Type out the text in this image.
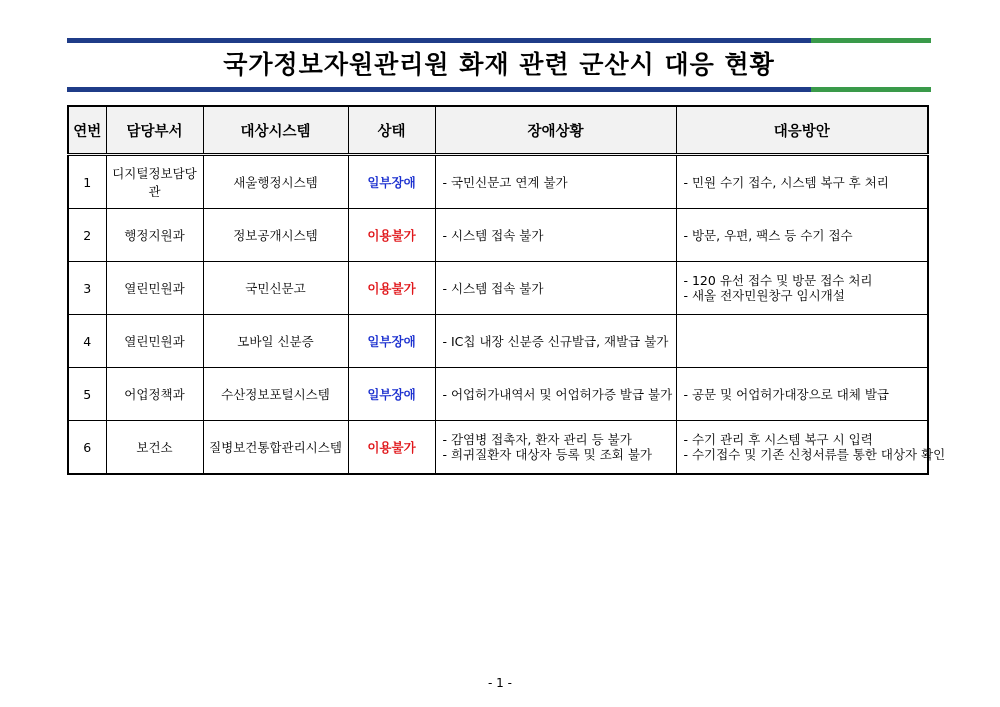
국가정보자원관리원 화재 관련 군산시 대응 현황
연번	담당부서	대상시스템	상태	장애상황	대응방안
1	디지털정보담당관	새울행정시스템	일부장애	- 국민신문고 연계 불가	- 민원 수기 접수, 시스템 복구 후 처리

2	행정지원과	정보공개시스템	이용불가	- 시스템 접속 불가	- 방문, 우편, 팩스 등 수기 접수

3	열린민원과	국민신문고	이용불가	- 시스템 접속 불가	- 120 유선 접수 및 방문 접수 처리
- 새올 전자민원창구 임시개설

4	열린민원과	모바일 신분증	일부장애	- IC칩 내장 신분증 신규발급, 재발급 불가	

5	어업정책과	수산정보포털시스템	일부장애	- 어업허가내역서 및 어업허가증 발급 불가	- 공문 및 어업허가대장으로 대체 발급

6	보건소	질병보건통합관리시스템	이용불가	- 감염병 접촉자, 환자 관리 등 불가
- 희귀질환자 대상자 등록 및 조회 불가	- 수기 관리 후 시스템 복구 시 입력
- 수기접수 및 기존 신청서류를 통한 대상자 확인
- 1 -
